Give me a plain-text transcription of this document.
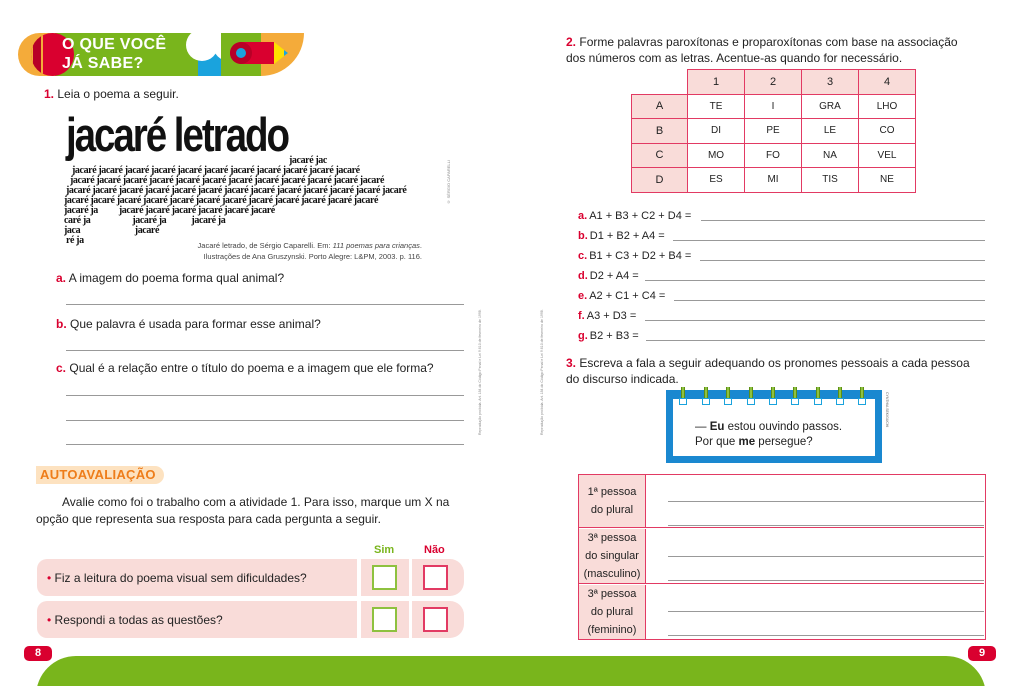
O QUE VOCÊ
JÁ SABE?
1. Leia o poema a seguir.
jacaré letrado jacaré jac
jacaré jacaré jacaré jacaré jacaré jacaré jacaré jacaré jacaré jacaré jacaré
jacaré jacaré jacaré jacaré jacaré jacaré jacaré jacaré jacaré jacaré jacaré jacaré
jacaré jacaré jacaré jacaré jacaré jacaré jacaré jacaré jacaré jacaré jacaré jacaré jacaré
jacaré jacaré jacaré jacaré jacaré jacaré jacaré jacaré jacaré jacaré jacaré jacaré
jacaré ja          jacaré jacaré jacaré jacaré jacaré jacaré
caré ja                    jacaré ja            jacaré ja
jaca                          jacaré
ré ja
© SÉRGIO CAPARELLI
Jacaré letrado, de Sérgio Caparelli. Em: 111 poemas para crianças.
Ilustrações de Ana Gruszynski. Porto Alegre: L&PM, 2003. p. 116.
a. A imagem do poema forma qual animal?
b. Que palavra é usada para formar esse animal?
c. Qual é a relação entre o título do poema e a imagem que ele forma?	Reprodução proibida. Art. 184 do Código Penal e Lei 9.610 de fevereiro de 1998.
AUTOAVALIAÇÃO
Avalie como foi o trabalho com a atividade 1. Para isso, marque um X na opção que representa sua resposta para cada pergunta a seguir.
Sim	Não
• Fiz a leitura do poema visual sem dificuldades?
• Respondi a todas as questões?
8
Reprodução proibida. Art. 184 do Código Penal e Lei 9.610 de fevereiro de 1998.
2. Forme palavras paroxítonas e proparoxítonas com base na associação dos números com as letras. Acentue-as quando for necessário.
	1	2	3	4
A	TE	I	GRA	LHO
B	DI	PE	LE	CO
C	MO	FO	NA	VEL
D	ES	MI	TIS	NE
a. A1 + B3 + C2 + D4 =
b. D1 + B2 + A4 =
c. B1 + C3 + D2 + B4 =
d. D2 + A4 =
e. A2 + C1 + C4 =
f. A3 + D3 =
g. B2 + B3 =
3. Escreva a fala a seguir adequando os pronomes pessoais a cada pessoa do discurso indicada.
— Eu estou ouvindo passos.
Por que me persegue?
CYNTHIA SEKIGUCHI
1ª pessoa
do plural
3ª pessoa
do singular
(masculino)
3ª pessoa
do plural
(feminino)
9
